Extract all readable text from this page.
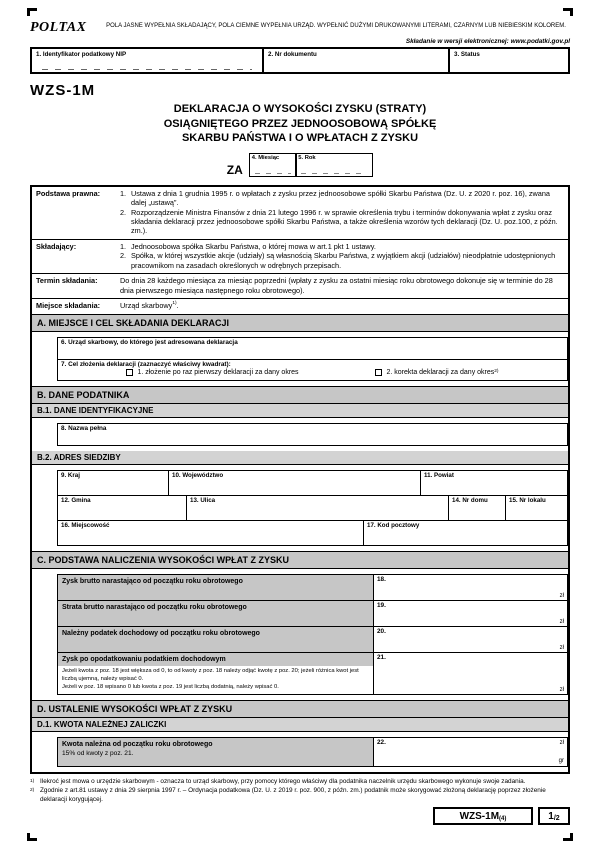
POLTAX	POLA JASNE WYPEŁNIA SKŁADAJĄCY, POLA CIEMNE WYPEŁNIA URZĄD. WYPEŁNIĆ DUŻYMI DRUKOWANYMI LITERAMI, CZARNYM LUB NIEBIESKIM KOLOREM.
Składanie w wersji elektronicznej: www.podatki.gov.pl
1. Identyfikator podatkowy NIP	2. Nr dokumentu	3. Status
WZS-1M
DEKLARACJA O WYSOKOŚCI ZYSKU (STRATY)
OSIĄGNIĘTEGO PRZEZ JEDNOOSOBOWĄ SPÓŁKĘ
SKARBU PAŃSTWA I O WPŁATACH Z ZYSKU
ZA
4. Miesiąc	5. Rok
Podstawa prawna:	1. Ustawa z dnia 1 grudnia 1995 r. o wpłatach z zysku przez jednoosobowe spółki Skarbu Państwa (Dz. U. z 2020 r. poz. 16), zwana dalej „ustawą”.
2. Rozporządzenie Ministra Finansów z dnia 21 lutego 1996 r. w sprawie określenia trybu i terminów dokonywania wpłat z zysku oraz składania deklaracji przez jednoosobowe spółki Skarbu Państwa, a także określenia wzorów tych deklaracji (Dz. U. poz.100, z późn. zm.).
Składający:	1. Jednoosobowa spółka Skarbu Państwa, o której mowa w art.1 pkt 1 ustawy.
2. Spółka, w której wszystkie akcje (udziały) są własnością Skarbu Państwa, z wyjątkiem akcji (udziałów) nieodpłatnie udostępnionych pracownikom na zasadach określonych w odrębnych przepisach.
Termin składania:	Do dnia 28 każdego miesiąca za miesiąc poprzedni (wpłaty z zysku za ostatni miesiąc roku obrotowego dokonuje się w terminie do 28 dnia pierwszego miesiąca następnego roku obrotowego).
Miejsce składania:	Urząd skarbowy$^{1)}$.
A. MIEJSCE I CEL SKŁADANIA DEKLARACJI
6. Urząd skarbowy, do którego jest adresowana deklaracja
7. Cel złożenia deklaracji (zaznaczyć właściwy kwadrat):
1. złożenie po raz pierwszy deklaracji za dany okres	2. korekta deklaracji za dany okres$^{2)}$
B. DANE PODATNIKA
B.1. DANE IDENTYFIKACYJNE
8. Nazwa pełna
B.2. ADRES SIEDZIBY
9. Kraj	10. Województwo	11. Powiat
12. Gmina	13. Ulica	14. Nr domu	15. Nr lokalu
16. Miejscowość	17. Kod pocztowy
C. PODSTAWA NALICZENIA WYSOKOŚCI WPŁAT Z ZYSKU
Zysk brutto narastająco od początku roku obrotowego	18.
zł
Strata brutto narastająco od początku roku obrotowego	19.
zł
Należny podatek dochodowy od początku roku obrotowego	20.
zł
Zysk po opodatkowaniu podatkiem dochodowym
Jeżeli kwota z poz. 18 jest większa od 0, to od kwoty z poz. 18 należy odjąć kwotę z poz. 20; jeżeli różnica kwot jest liczbą ujemną, należy wpisać 0.
Jeżeli w poz. 18 wpisano 0 lub kwota z poz. 19 jest liczbą dodatnią, należy wpisać 0.
21.
zł
D. USTALENIE WYSOKOŚCI WPŁAT Z ZYSKU
D.1. KWOTA NALEŻNEJ ZALICZKI
Kwota należna od początku roku obrotowego
15% od kwoty z poz. 21.
22.	zł
gr
1) Ilekroć jest mowa o urzędzie skarbowym - oznacza to urząd skarbowy, przy pomocy którego właściwy dla podatnika naczelnik urzędu skarbowego wykonuje swoje zadania.
2) Zgodnie z art.81 ustawy z dnia 29 sierpnia 1997 r. – Ordynacja podatkowa (Dz. U. z 2019 r. poz. 900, z późn. zm.) podatnik może skorygować złożoną deklarację poprzez złożenie deklaracji korygującej.
WZS-1M (4)	1 /2
